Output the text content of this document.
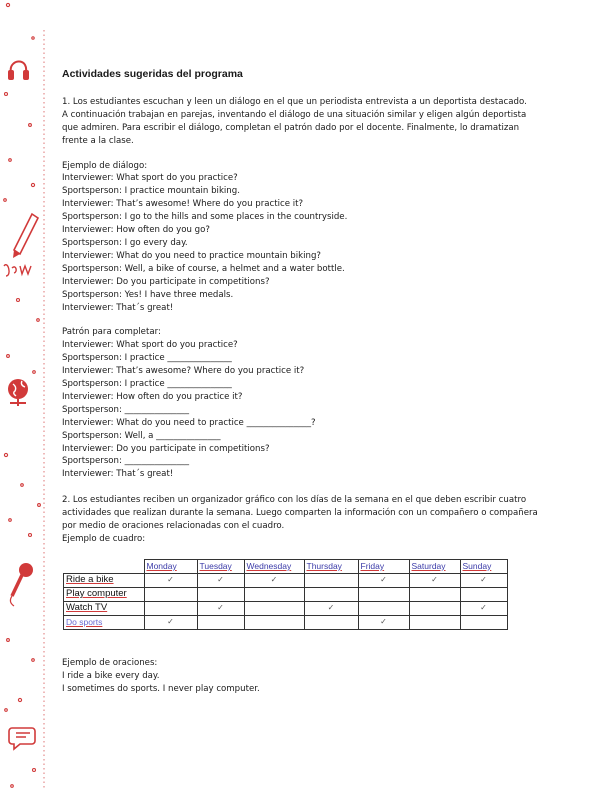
Actividades sugeridas del programa

1. Los estudiantes escuchan y leen un diálogo en el que un periodista entrevista a un deportista destacado.

A continuación trabajan en parejas, inventando el diálogo de una situación similar y eligen algún deportista que admiren. Para escribir el diálogo, completan el patrón dado por el docente. Finalmente, lo dramatizan frente a la clase.

Ejemplo de diálogo:

Interviewer: What sport do you practice?

Sportsperson: I practice mountain biking.

Interviewer: That’s awesome! Where do you practice it?

Sportsperson: I go to the hills and some places in the countryside.

Interviewer: How often do you go?

Sportsperson: I go every day.

Interviewer: What do you need to practice mountain biking?

Sportsperson: Well, a bike of course, a helmet and a water bottle.

Interviewer: Do you participate in competitions?

Sportsperson: Yes! I have three medals.

Interviewer: That´s great!

Patrón para completar:

Interviewer: What sport do you practice?

Sportsperson: I practice _______________

Interviewer: That’s awesome? Where do you practice it?

Sportsperson: I practice _______________

Interviewer: How often do you practice it?

Sportsperson: _______________

Interviewer: What do you need to practice _______________?

Sportsperson: Well, a _______________

Interviewer: Do you participate in competitions?

Sportsperson: _______________

Interviewer: That´s great!

2. Los estudiantes reciben un organizador gráfico con los días de la semana en el que deben escribir cuatro actividades que realizan durante la semana. Luego comparten la información con un compañero o compañera por medio de oraciones relacionadas con el cuadro.

Ejemplo de cuadro:

	Monday	Tuesday	Wednesday	Thursday	Friday	Saturday	Sunday
Ride a bike	✓	✓	✓		✓	✓	✓
Play computer							
Watch TV		✓		✓			✓
Do sports	✓				✓		

Ejemplo de oraciones:

I ride a bike every day.

I sometimes do sports. I never play computer.
